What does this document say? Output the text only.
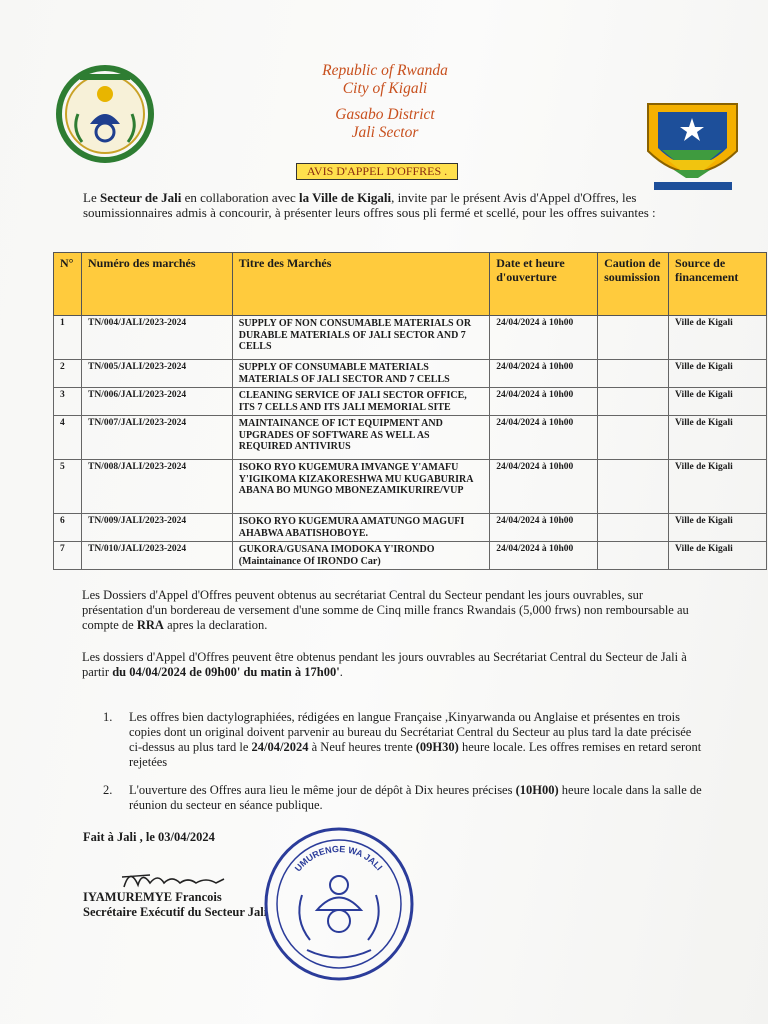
Republic of Rwanda
City of Kigali
Gasabo District
Jali Sector
AVIS D'APPEL D'OFFRES .
Le Secteur de Jali en collaboration avec la Ville de Kigali, invite par le présent Avis d'Appel d'Offres, les soumissionnaires admis à concourir, à présenter leurs offres sous pli fermé et scellé, pour les offres suivantes :
N°	Numéro des marchés	Titre des Marchés	Date et heure d'ouverture	Caution de soumission	Source de financement
1	TN/004/JALI/2023-2024	SUPPLY OF NON CONSUMABLE MATERIALS OR DURABLE MATERIALS OF JALI SECTOR AND 7 CELLS	24/04/2024 à 10h00		Ville de Kigali
2	TN/005/JALI/2023-2024	SUPPLY OF CONSUMABLE MATERIALS MATERIALS OF JALI SECTOR AND 7 CELLS	24/04/2024 à 10h00		Ville de Kigali
3	TN/006/JALI/2023-2024	CLEANING SERVICE OF JALI SECTOR OFFICE, ITS 7 CELLS AND ITS JALI MEMORIAL SITE	24/04/2024 à 10h00		Ville de Kigali
4	TN/007/JALI/2023-2024	MAINTAINANCE OF ICT EQUIPMENT AND UPGRADES OF SOFTWARE AS WELL AS REQUIRED ANTIVIRUS	24/04/2024 à 10h00		Ville de Kigali
5	TN/008/JALI/2023-2024	ISOKO RYO KUGEMURA IMVANGE Y'AMAFU Y'IGIKOMA KIZAKORESHWA MU KUGABURIRA ABANA BO MUNGO MBONEZAMIKURIRE/VUP	24/04/2024 à 10h00		Ville de Kigali
6	TN/009/JALI/2023-2024	ISOKO RYO KUGEMURA AMATUNGO MAGUFI AHABWA ABATISHOBOYE.	24/04/2024 à 10h00		Ville de Kigali
7	TN/010/JALI/2023-2024	GUKORA/GUSANA IMODOKA Y'IRONDO (Maintainance Of IRONDO Car)	24/04/2024 à 10h00		Ville de Kigali
Les Dossiers d'Appel d'Offres peuvent obtenus au secrétariat Central du Secteur pendant les jours ouvrables, sur présentation d'un bordereau de versement d'une somme de Cinq mille francs Rwandais (5,000 frws) non remboursable au compte de RRA apres la declaration.
Les dossiers d'Appel d'Offres peuvent être obtenus pendant les jours ouvrables au Secrétariat Central du Secteur de Jali à partir du 04/04/2024 de 09h00' du matin à 17h00'.
1. Les offres bien dactylographiées, rédigées en langue Française ,Kinyarwanda ou Anglaise et présentes en trois copies dont un original doivent parvenir au bureau du Secrétariat Central du Secteur au plus tard la date précisée ci-dessus au plus tard le 24/04/2024 à Neuf heures trente (09H30) heure locale. Les offres remises en retard seront rejetées
2. L'ouverture des Offres aura lieu le même jour de dépôt à Dix heures précises (10H00) heure locale dans la salle de réunion du secteur en séance publique.
Fait à Jali , le 03/04/2024
IYAMUREMYE Francois
Secrétaire Exécutif du Secteur Jali
UMURENGE WA JALI
